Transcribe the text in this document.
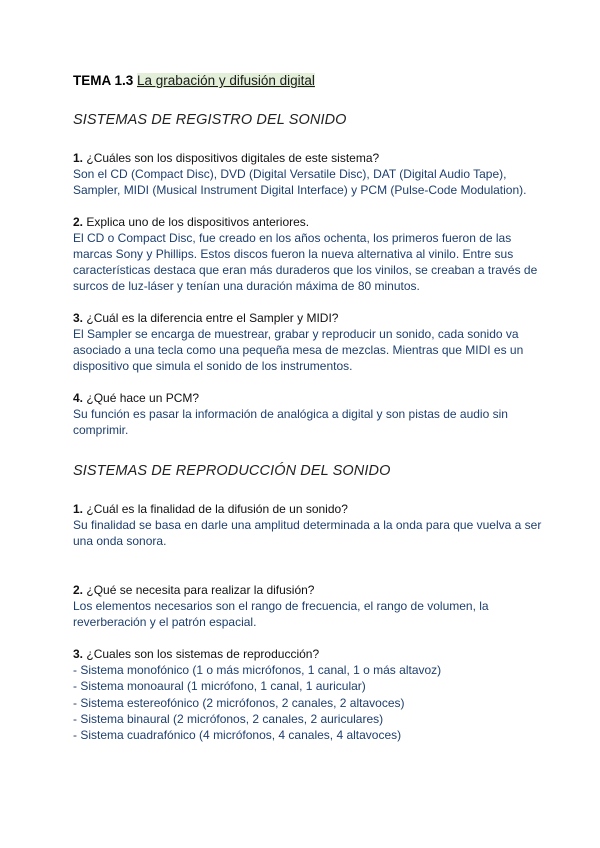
TEMA 1.3 La grabación y difusión digital

SISTEMAS DE REGISTRO DEL SONIDO

1. ¿Cuáles son los dispositivos digitales de este sistema?

Son el CD (Compact Disc), DVD (Digital Versatile Disc), DAT (Digital Audio Tape), Sampler, MIDI (Musical Instrument Digital Interface) y PCM (Pulse-Code Modulation).

2. Explica uno de los dispositivos anteriores.

El CD o Compact Disc, fue creado en los años ochenta, los primeros fueron de las marcas Sony y Phillips. Estos discos fueron la nueva alternativa al vinilo. Entre sus características destaca que eran más duraderos que los vinilos, se creaban a través de surcos de luz-láser y tenían una duración máxima de 80 minutos.

3. ¿Cuál es la diferencia entre el Sampler y MIDI?

El Sampler se encarga de muestrear, grabar y reproducir un sonido, cada sonido va asociado a una tecla como una pequeña mesa de mezclas. Mientras que MIDI es un dispositivo que simula el sonido de los instrumentos.

4. ¿Qué hace un PCM?

Su función es pasar la información de analógica a digital y son pistas de audio sin comprimir.

SISTEMAS DE REPRODUCCIÓN DEL SONIDO

1. ¿Cuál es la finalidad de la difusión de un sonido?

Su finalidad se basa en darle una amplitud determinada a la onda para que vuelva a ser una onda sonora.

2. ¿Qué se necesita para realizar la difusión?

Los elementos necesarios son el rango de frecuencia, el rango de volumen, la reverberación y el patrón espacial.

3. ¿Cuales son los sistemas de reproducción?

- Sistema monofónico (1 o más micrófonos, 1 canal, 1 o más altavoz)

- Sistema monoaural (1 micrófono, 1 canal, 1 auricular)

- Sistema estereofónico (2 micrófonos, 2 canales, 2 altavoces)

- Sistema binaural (2 micrófonos, 2 canales, 2 auriculares)

- Sistema cuadrafónico (4 micrófonos, 4 canales, 4 altavoces)
